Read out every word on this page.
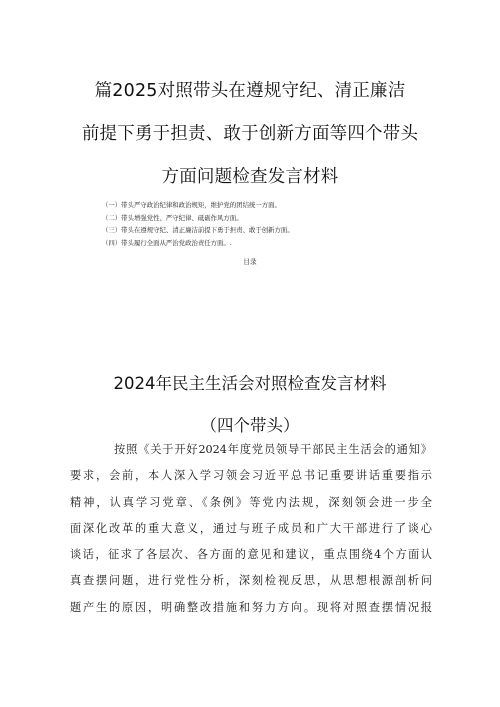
篇2025对照带头在遵规守纪、清正廉洁
前提下勇于担责、敢于创新方面等四个带头
方面问题检查发言材料
（一）带头严守政治纪律和政治规矩，维护党的团结统一方面。
（二）带头增强党性、严守纪律、砥砺作风方面。
（三）带头在遵规守纪、清正廉洁前提下勇于担责、敢于创新方面。
（四）带头履行全面从严治党政治责任方面。.
目录
2024年民主生活会对照检查发言材料
（四个带头）
按照《关于开好2024年度党员领导干部民主生活会的通知》
要求，会前，本人深入学习领会习近平总书记重要讲话重要指示
精神，认真学习党章、《条例》等党内法规，深刻领会进一步全
面深化改革的重大意义，通过与班子成员和广大干部进行了谈心
谈话，征求了各层次、各方面的意见和建议，重点围绕4个方面认
真查摆问题，进行党性分析，深刻检视反思，从思想根源剖析问
题产生的原因，明确整改措施和努力方向。现将对照查摆情况报
